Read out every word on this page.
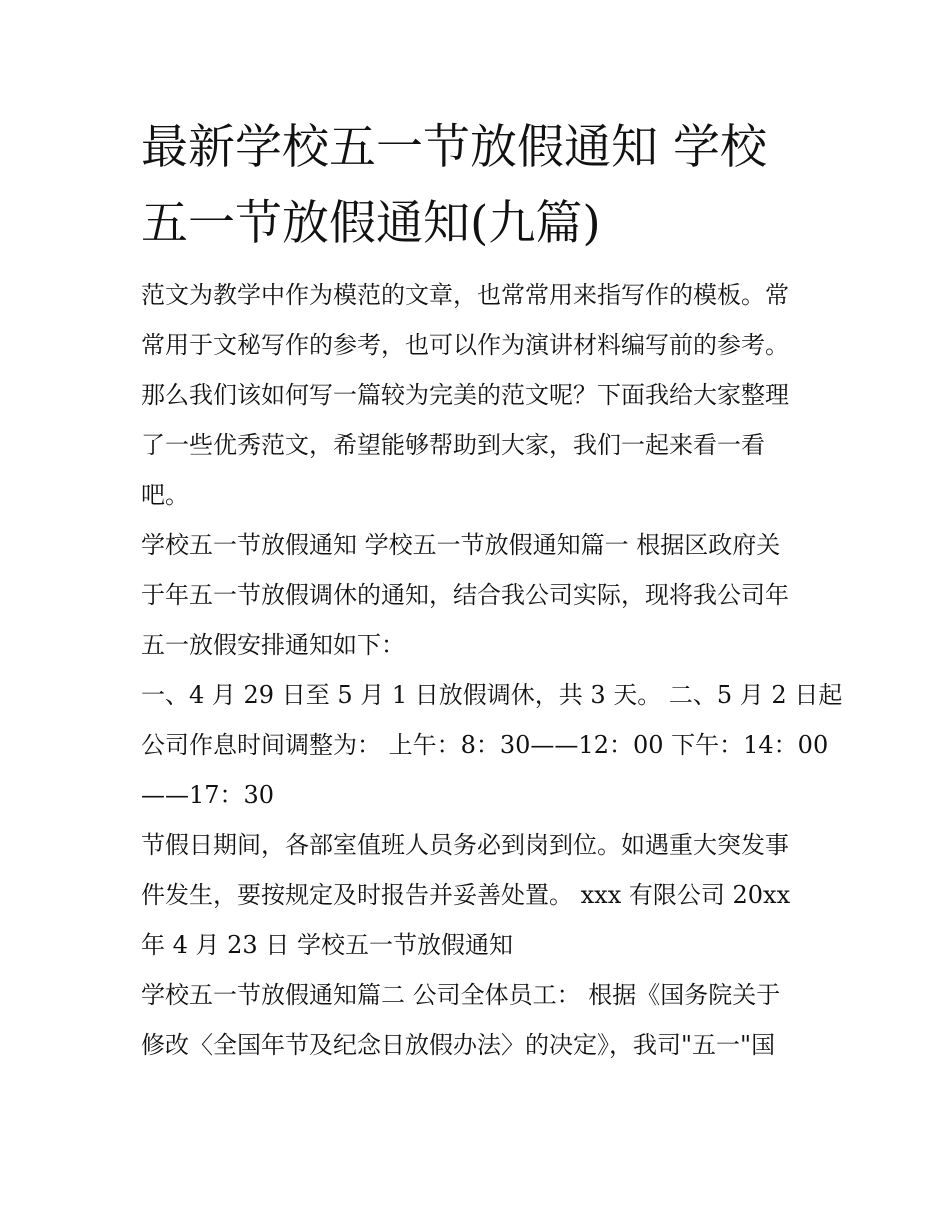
最新学校五一节放假通知 学校
五一节放假通知(九篇)

范文为教学中作为模范的文章，也常常用来指写作的模板。常
常用于文秘写作的参考，也可以作为演讲材料编写前的参考。
那么我们该如何写一篇较为完美的范文呢？下面我给大家整理
了一些优秀范文，希望能够帮助到大家，我们一起来看一看
吧。

学校五一节放假通知 学校五一节放假通知篇一 根据区政府关
于年五一节放假调休的通知，结合我公司实际，现将我公司年
五一放假安排通知如下：

一、4 月 29 日至 5 月 1 日放假调休，共 3 天。 二、5 月 2 日起
公司作息时间调整为： 上午：8：30——12：00 下午：14：00
——17：30

节假日期间，各部室值班人员务必到岗到位。如遇重大突发事
件发生，要按规定及时报告并妥善处置。 xxx 有限公司 20xx
年 4 月 23 日 学校五一节放假通知

学校五一节放假通知篇二 公司全体员工： 根据《国务院关于
修改〈全国年节及纪念日放假办法〉的决定》，我司"五一"国
